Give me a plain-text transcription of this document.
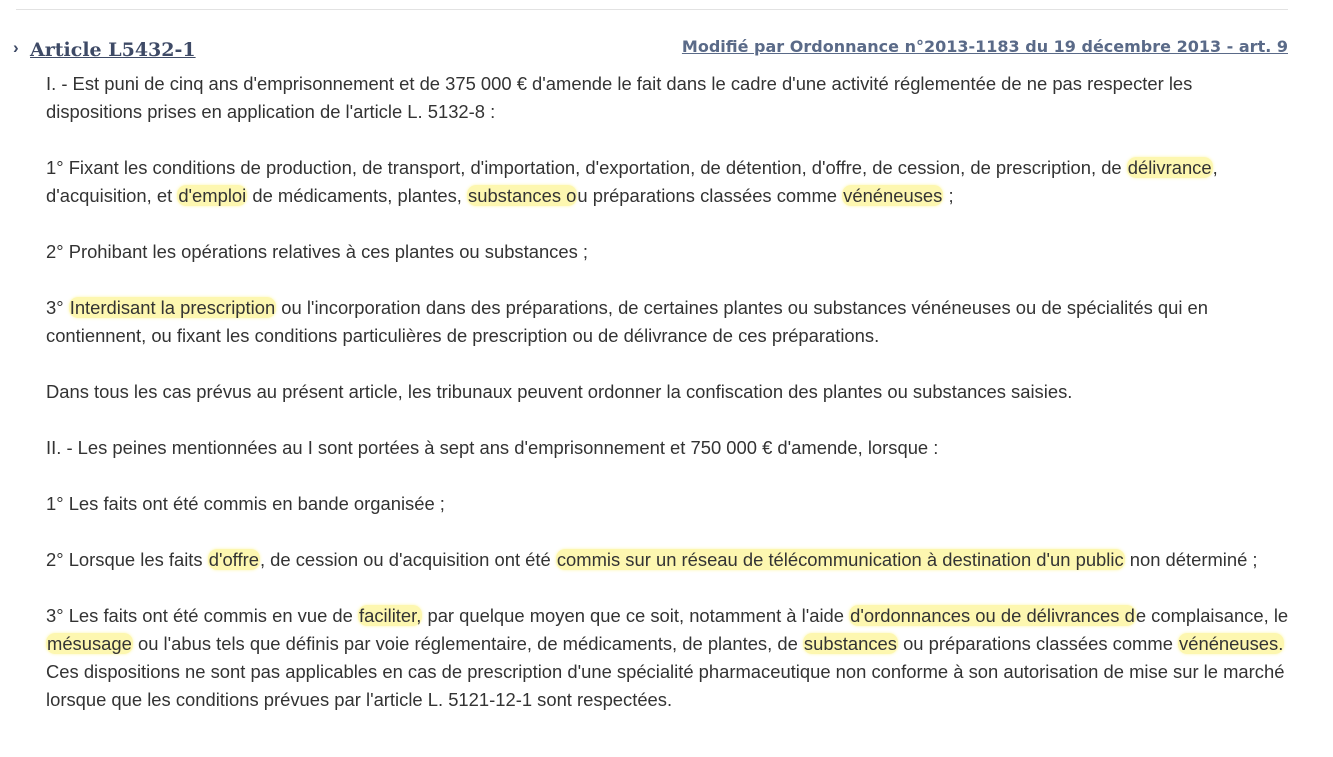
› Article L5432-1	Modifié par Ordonnance n°2013-1183 du 19 décembre 2013 - art. 9

I. - Est puni de cinq ans d'emprisonnement et de 375 000 € d'amende le fait dans le cadre d'une activité réglementée de ne pas respecter les dispositions prises en application de l'article L. 5132-8 :

1° Fixant les conditions de production, de transport, d'importation, d'exportation, de détention, d'offre, de cession, de prescription, de délivrance, d'acquisition, et d'emploi de médicaments, plantes, substances ou préparations classées comme vénéneuses ;

2° Prohibant les opérations relatives à ces plantes ou substances ;

3° Interdisant la prescription ou l'incorporation dans des préparations, de certaines plantes ou substances vénéneuses ou de spécialités qui en contiennent, ou fixant les conditions particulières de prescription ou de délivrance de ces préparations.

Dans tous les cas prévus au présent article, les tribunaux peuvent ordonner la confiscation des plantes ou substances saisies.

II. - Les peines mentionnées au I sont portées à sept ans d'emprisonnement et 750 000 € d'amende, lorsque :

1° Les faits ont été commis en bande organisée ;

2° Lorsque les faits d'offre, de cession ou d'acquisition ont été commis sur un réseau de télécommunication à destination d'un public non déterminé ;

3° Les faits ont été commis en vue de faciliter, par quelque moyen que ce soit, notamment à l'aide d'ordonnances ou de délivrances de complaisance, le mésusage ou l'abus tels que définis par voie réglementaire, de médicaments, de plantes, de substances ou préparations classées comme vénéneuses. Ces dispositions ne sont pas applicables en cas de prescription d'une spécialité pharmaceutique non conforme à son autorisation de mise sur le marché lorsque que les conditions prévues par l'article L. 5121-12-1 sont respectées.
